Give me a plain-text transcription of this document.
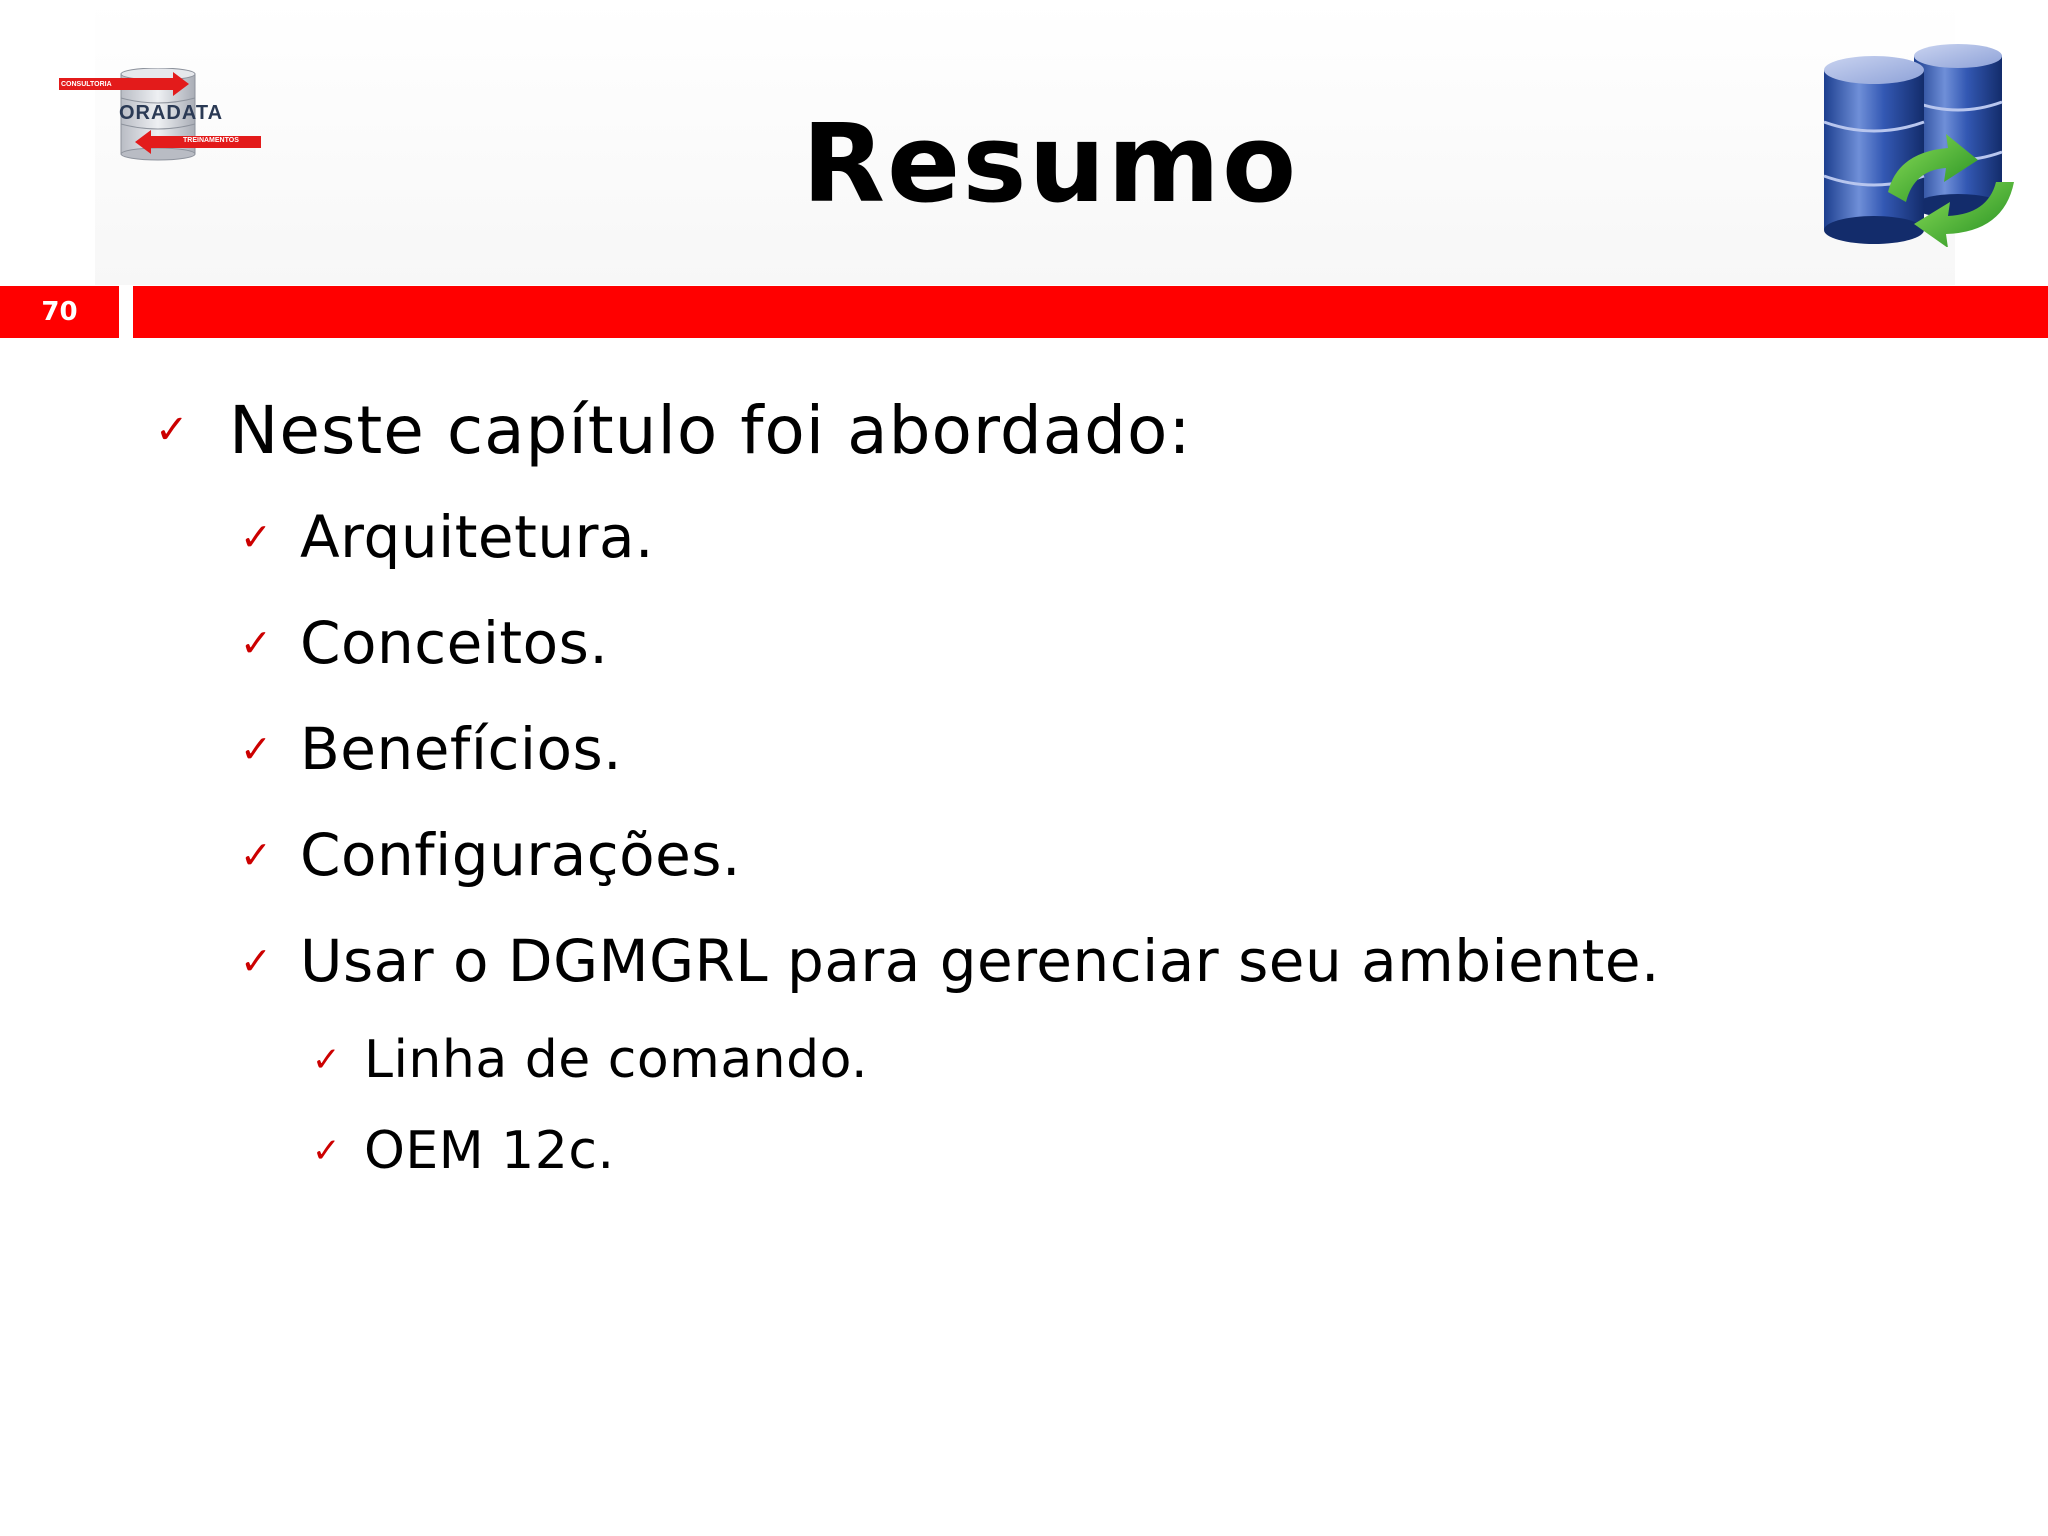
CONSULTORIA
ORADATA
TREINAMENTOS	Resumo
70
✓ Neste capítulo foi abordado:
✓ Arquitetura.
✓ Conceitos.
✓ Benefícios.
✓ Configurações.
✓ Usar o DGMGRL para gerenciar seu ambiente.
✓ Linha de comando.
✓ OEM 12c.
